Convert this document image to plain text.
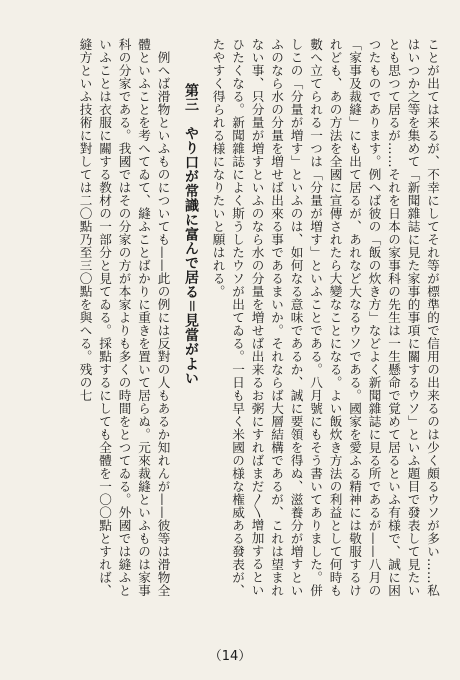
ことが出ては来るが、不幸にしてそれ等が標準的で信用の出来るのは少く頗るウソが多い……私はいつか之等を集めて「新聞雜誌に見た家事的事項に關するウソ」といふ題目で發表して見たいとも思つて居るが……それを日本の家事科の先生は一生懸命で覚めて居るといふ有様で、誠に困つたものであります。例へば彼の「飯の炊き方」などよく新聞雜誌に見る所であるが——八月の「家事及裁縫」にも出て居るが、あれなど大なるウソである。國家を愛ふる精神には敬服するけれども、あの方法を全國に宣傳されたら大變なことになる。よい飯炊き方法の利益として何時も數へ立てられる一つは「分量が増す」といふことである。八月號にもそう書いてありました。併しこの「分量が増す」といふのは、如何なる意味であるか、誠に要領を得ぬ、滋養分が増すといふのなら水の分量を増せば出來る事であるまいか。それならば大層結構であるが、これは望まれない事、只分量が増すといふのなら水の分量を増せば出来るお粥にすればまだ〳〵增加するといひたくなる。新聞雜誌によく斯うしたウソが出てゐる。一日も早く米國の様な権威ある發表が、たやすく得られる様になりたいと願はれる。

第三　やり口が常識に富んで居る＝見當がよい

例へば滑物といふものについても——此の例には反對の人もあるか知れんが——彼等は滑物全體といふことを考へてゐて、縫ふことばかりに重きを置いて居らぬ。元來裁縫といふものは家事科の分家である。我國ではその分家の方が本家よりも多くの時間をとつてゐる。外國では縫ふといふことは衣服に關する教材の一部分と見てゐる。採點するにしても全體を一〇〇點とすれば、縫方といふ技術に對しては二〇點乃至三〇點を與へる。残の七

（14）
